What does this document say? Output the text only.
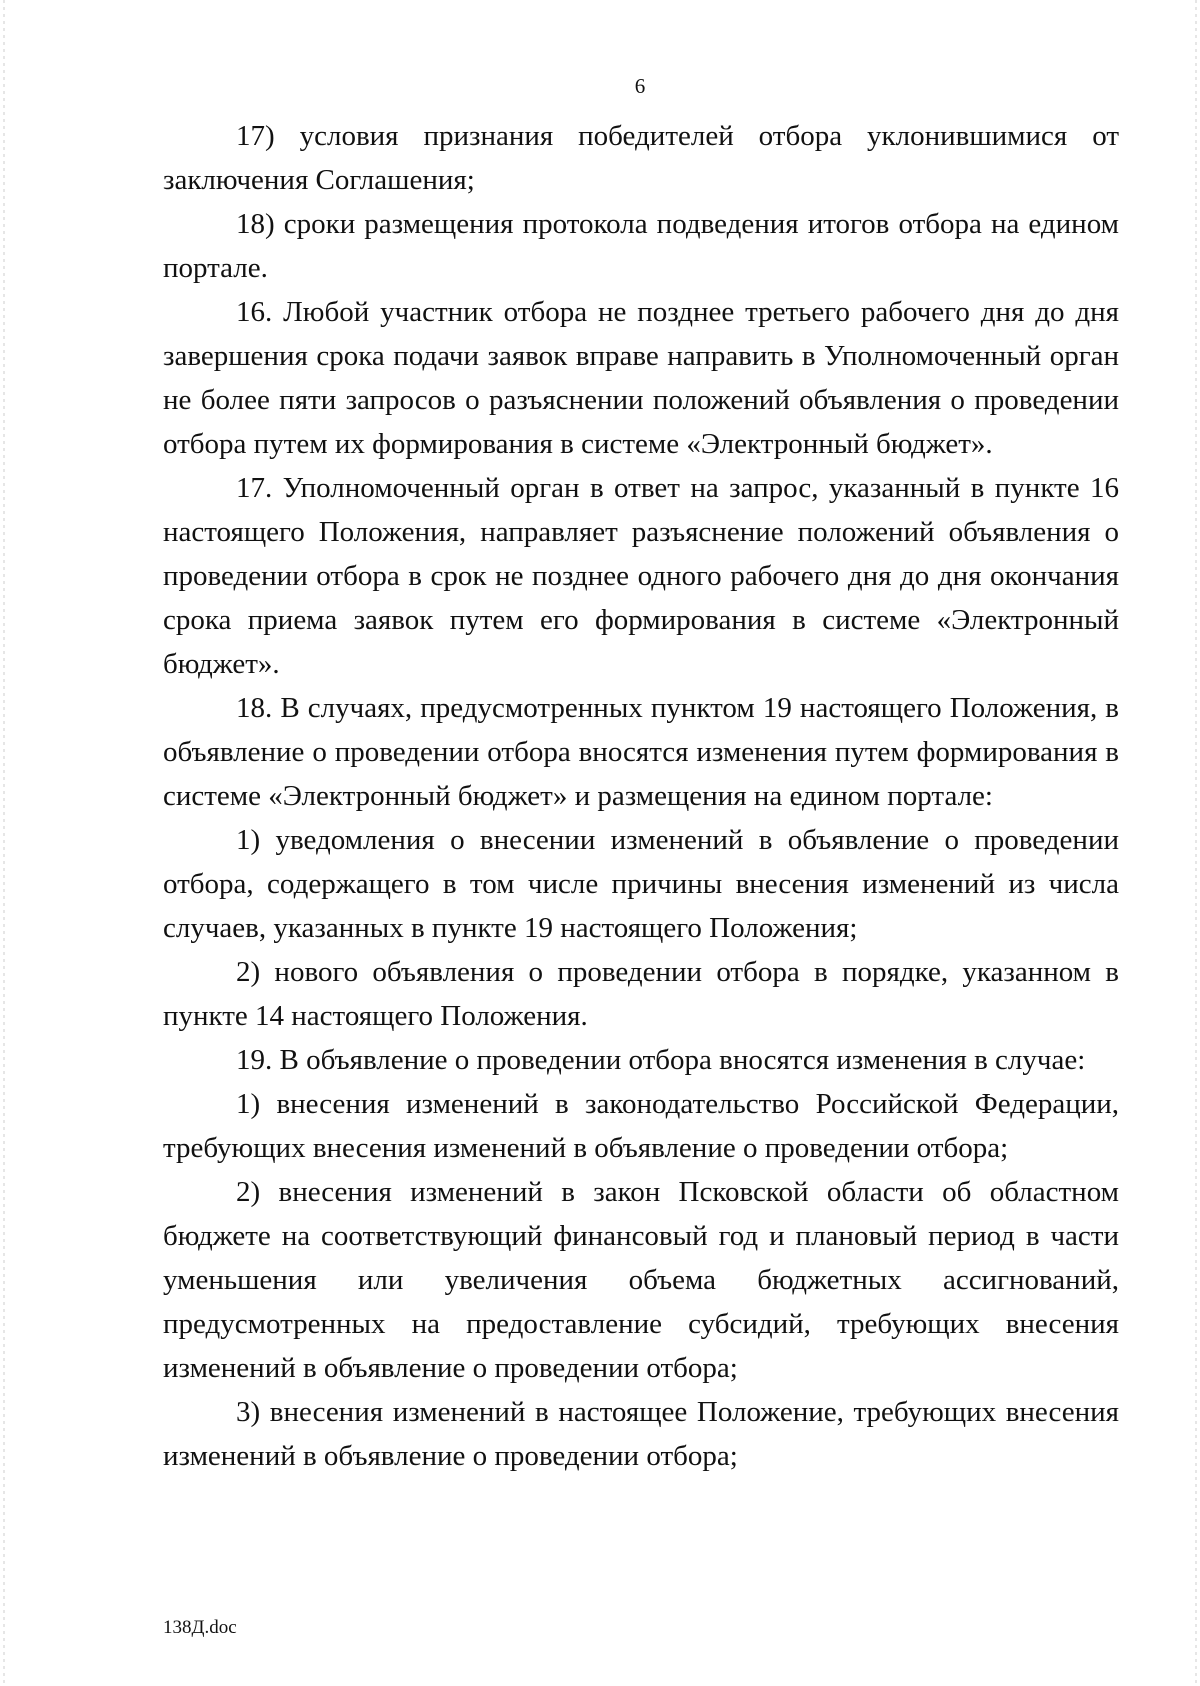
6

17) условия признания победителей отбора уклонившимися от заключения Соглашения;

18) сроки размещения протокола подведения итогов отбора на едином портале.

16. Любой участник отбора не позднее третьего рабочего дня до дня завершения срока подачи заявок вправе направить в Уполномоченный орган не более пяти запросов о разъяснении положений объявления о проведении отбора путем их формирования в системе «Электронный бюджет».

17. Уполномоченный орган в ответ на запрос, указанный в пункте 16 настоящего Положения, направляет разъяснение положений объявления о проведении отбора в срок не позднее одного рабочего дня до дня окончания срока приема заявок путем его формирования в системе «Электронный бюджет».

18. В случаях, предусмотренных пунктом 19 настоящего Положения, в объявление о проведении отбора вносятся изменения путем формирования в системе «Электронный бюджет» и размещения на едином портале:

1) уведомления о внесении изменений в объявление о проведении отбора, содержащего в том числе причины внесения изменений из числа случаев, указанных в пункте 19 настоящего Положения;

2) нового объявления о проведении отбора в порядке, указанном в пункте 14 настоящего Положения.

19. В объявление о проведении отбора вносятся изменения в случае:

1) внесения изменений в законодательство Российской Федерации, требующих внесения изменений в объявление о проведении отбора;

2) внесения изменений в закон Псковской области об областном бюджете на соответствующий финансовый год и плановый период в части уменьшения или увеличения объема бюджетных ассигнований, предусмотренных на предоставление субсидий, требующих внесения изменений в объявление о проведении отбора;

3) внесения изменений в настоящее Положение, требующих внесения изменений в объявление о проведении отбора;

138Д.doc
